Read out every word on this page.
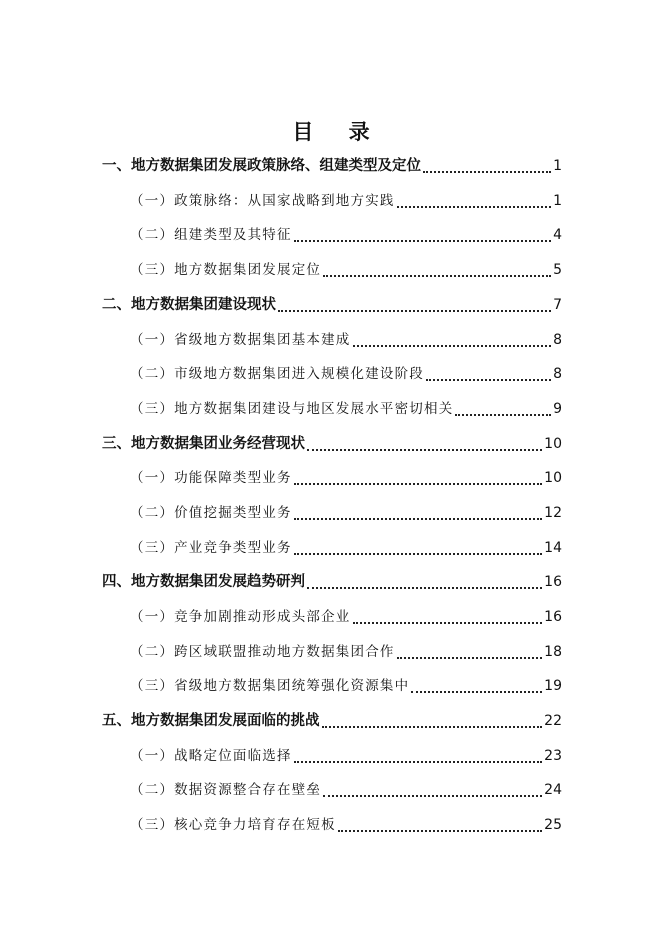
目 录
一、地方数据集团发展政策脉络、组建类型及定位	1
（一）政策脉络：从国家战略到地方实践	1
（二）组建类型及其特征	4
（三）地方数据集团发展定位	5
二、地方数据集团建设现状	7
（一）省级地方数据集团基本建成	8
（二）市级地方数据集团进入规模化建设阶段	8
（三）地方数据集团建设与地区发展水平密切相关	9
三、地方数据集团业务经营现状	10
（一）功能保障类型业务	10
（二）价值挖掘类型业务	12
（三）产业竞争类型业务	14
四、地方数据集团发展趋势研判	16
（一）竞争加剧推动形成头部企业	16
（二）跨区域联盟推动地方数据集团合作	18
（三）省级地方数据集团统筹强化资源集中	19
五、地方数据集团发展面临的挑战	22
（一）战略定位面临选择	23
（二）数据资源整合存在壁垒	24
（三）核心竞争力培育存在短板	25
